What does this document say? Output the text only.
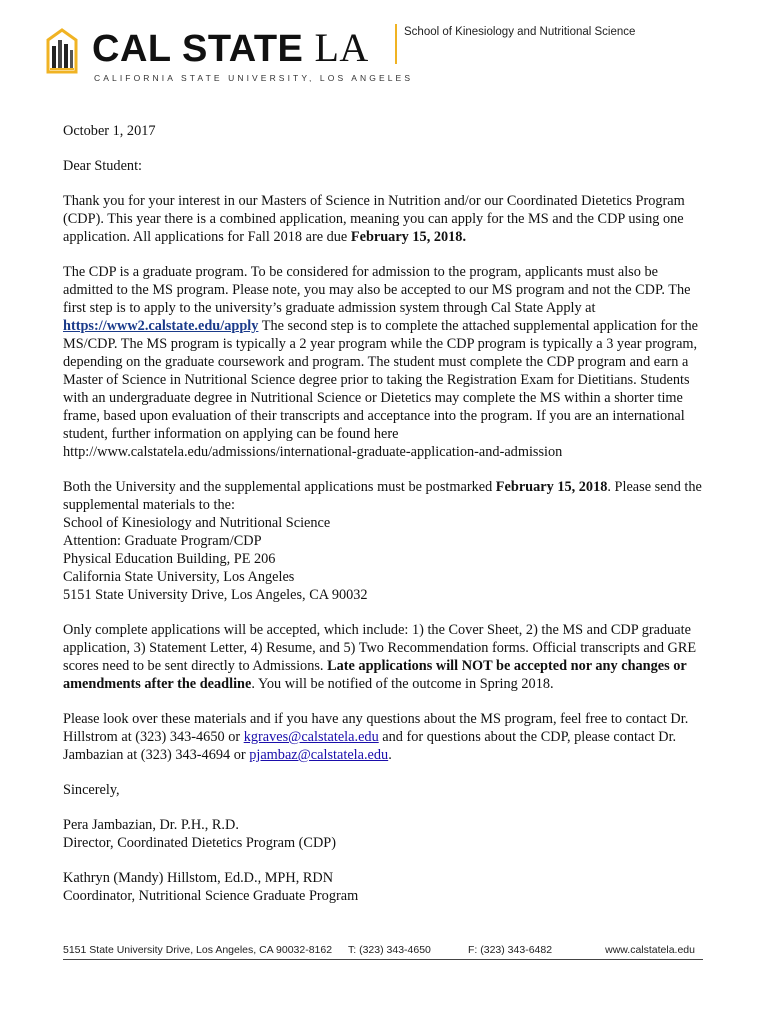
CAL STATE LA
CALIFORNIA STATE UNIVERSITY, LOS ANGELES
School of Kinesiology and Nutritional Science

October 1, 2017

Dear Student:

Thank you for your interest in our Masters of Science in Nutrition and/or our Coordinated Dietetics Program (CDP). This year there is a combined application, meaning you can apply for the MS and the CDP using one application. All applications for Fall 2018 are due February 15, 2018.

The CDP is a graduate program. To be considered for admission to the program, applicants must also be admitted to the MS program. Please note, you may also be accepted to our MS program and not the CDP. The first step is to apply to the university’s graduate admission system through Cal State Apply at https://www2.calstate.edu/apply The second step is to complete the attached supplemental application for the MS/CDP. The MS program is typically a 2 year program while the CDP program is typically a 3 year program, depending on the graduate coursework and program. The student must complete the CDP program and earn a Master of Science in Nutritional Science degree prior to taking the Registration Exam for Dietitians. Students with an undergraduate degree in Nutritional Science or Dietetics may complete the MS within a shorter time frame, based upon evaluation of their transcripts and acceptance into the program. If you are an international student, further information on applying can be found here
http://www.calstatela.edu/admissions/international-graduate-application-and-admission

Both the University and the supplemental applications must be postmarked February 15, 2018. Please send the supplemental materials to the:

School of Kinesiology and Nutritional Science
Attention: Graduate Program/CDP
Physical Education Building, PE 206
California State University, Los Angeles
5151 State University Drive, Los Angeles, CA 90032

Only complete applications will be accepted, which include: 1) the Cover Sheet, 2) the MS and CDP graduate application, 3) Statement Letter, 4) Resume, and 5) Two Recommendation forms. Official transcripts and GRE scores need to be sent directly to Admissions. Late applications will NOT be accepted nor any changes or amendments after the deadline. You will be notified of the outcome in Spring 2018.

Please look over these materials and if you have any questions about the MS program, feel free to contact Dr. Hillstrom at (323) 343-4650 or kgraves@calstatela.edu and for questions about the CDP, please contact Dr. Jambazian at (323) 343-4694 or pjambaz@calstatela.edu.

Sincerely,

Pera Jambazian, Dr. P.H., R.D.
Director, Coordinated Dietetics Program (CDP)

Kathryn (Mandy) Hillstom, Ed.D., MPH, RDN
Coordinator, Nutritional Science Graduate Program

5151 State University Drive, Los Angeles, CA 90032-8162 T: (323) 343-4650	F: (323) 343-6482	www.calstatela.edu
